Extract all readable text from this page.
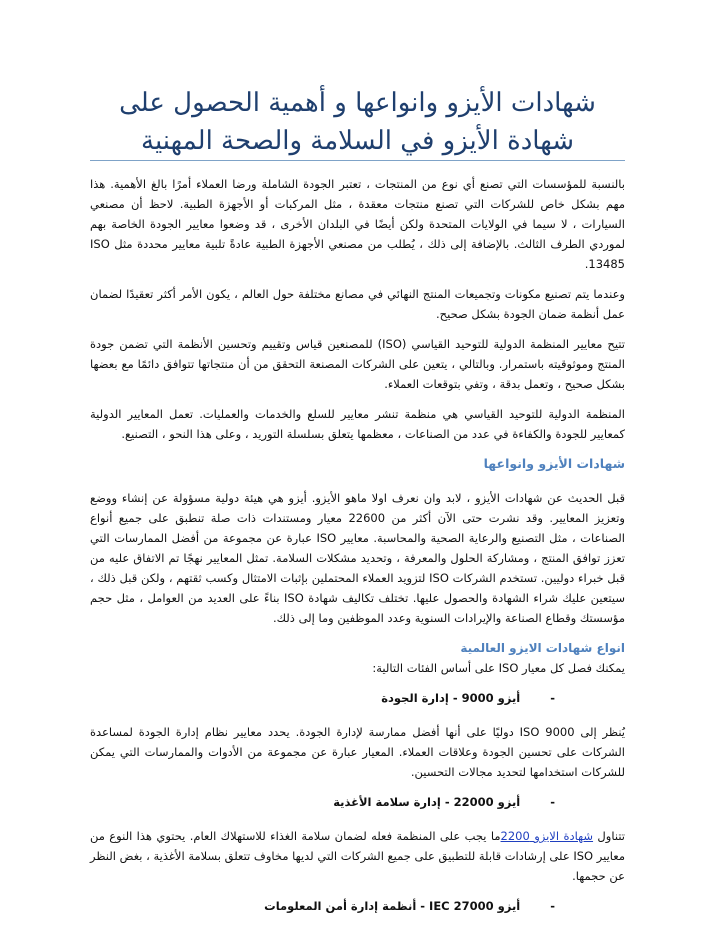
شهادات الأيزو وانواعها و أهمية الحصول على شهادة الأيزو في السلامة والصحة المهنية

بالنسبة للمؤسسات التي تصنع أي نوع من المنتجات ، تعتبر الجودة الشاملة ورضا العملاء أمرًا بالغ الأهمية. هذا مهم بشكل خاص للشركات التي تصنع منتجات معقدة ، مثل المركبات أو الأجهزة الطبية. لاحظ أن مصنعي السيارات ، لا سيما في الولايات المتحدة ولكن أيضًا في البلدان الأخرى ، قد وضعوا معايير الجودة الخاصة بهم لموردي الطرف الثالث. بالإضافة إلى ذلك ، يُطلب من مصنعي الأجهزة الطبية عادةً تلبية معايير محددة مثل ISO 13485.

وعندما يتم تصنيع مكونات وتجميعات المنتج النهائي في مصانع مختلفة حول العالم ، يكون الأمر أكثر تعقيدًا لضمان عمل أنظمة ضمان الجودة بشكل صحيح.

تتيح معايير المنظمة الدولية للتوحيد القياسي (ISO) للمصنعين قياس وتقييم وتحسين الأنظمة التي تضمن جودة المنتج وموثوقيته باستمرار. وبالتالي ، يتعين على الشركات المصنعة التحقق من أن منتجاتها تتوافق دائمًا مع بعضها بشكل صحيح ، وتعمل بدقة ، وتفي بتوقعات العملاء.

المنظمة الدولية للتوحيد القياسي هي منظمة تنشر معايير للسلع والخدمات والعمليات. تعمل المعايير الدولية كمعايير للجودة والكفاءة في عدد من الصناعات ، معظمها يتعلق بسلسلة التوريد ، وعلى هذا النحو ، التصنيع.

شهادات الأيزو وانواعها

قبل الحديث عن شهادات الأيزو ، لابد وان نعرف اولا ماهو الأيزو. أيزو هي هيئة دولية مسؤولة عن إنشاء ووضع وتعزيز المعايير. وقد نشرت حتى الآن أكثر من 22600 معيار ومستندات ذات صلة تنطبق على جميع أنواع الصناعات ، مثل التصنيع والرعاية الصحية والمحاسبة. معايير ISO عبارة عن مجموعة من أفضل الممارسات التي تعزز توافق المنتج ، ومشاركة الحلول والمعرفة ، وتحديد مشكلات السلامة. تمثل المعايير نهجًا تم الاتفاق عليه من قبل خبراء دوليين. تستخدم الشركات ISO لتزويد العملاء المحتملين بإثبات الامتثال وكسب ثقتهم ، ولكن قبل ذلك ، سيتعين عليك شراء الشهادة والحصول عليها. تختلف تكاليف شهادة ISO بناءً على العديد من العوامل ، مثل حجم مؤسستك وقطاع الصناعة والإيرادات السنوية وعدد الموظفين وما إلى ذلك.

انواع شهادات الايزو العالمية

يمكنك فصل كل معيار ISO على أساس الفئات التالية:

-أيزو 9000 - إدارة الجودة

يُنظر إلى ISO 9000 دوليًا على أنها أفضل ممارسة لإدارة الجودة. يحدد معايير نظام إدارة الجودة لمساعدة الشركات على تحسين الجودة وعلاقات العملاء. المعيار عبارة عن مجموعة من الأدوات والممارسات التي يمكن للشركات استخدامها لتحديد مجالات التحسين.

-أيزو 22000 - إدارة سلامة الأغذية

تتناول شهادة الايزو 2200ما يجب على المنظمة فعله لضمان سلامة الغذاء للاستهلاك العام. يحتوي هذا النوع من معايير ISO على إرشادات قابلة للتطبيق على جميع الشركات التي لديها مخاوف تتعلق بسلامة الأغذية ، بغض النظر عن حجمها.

-أيزو IEC 27000 - أنظمة إدارة أمن المعلومات
